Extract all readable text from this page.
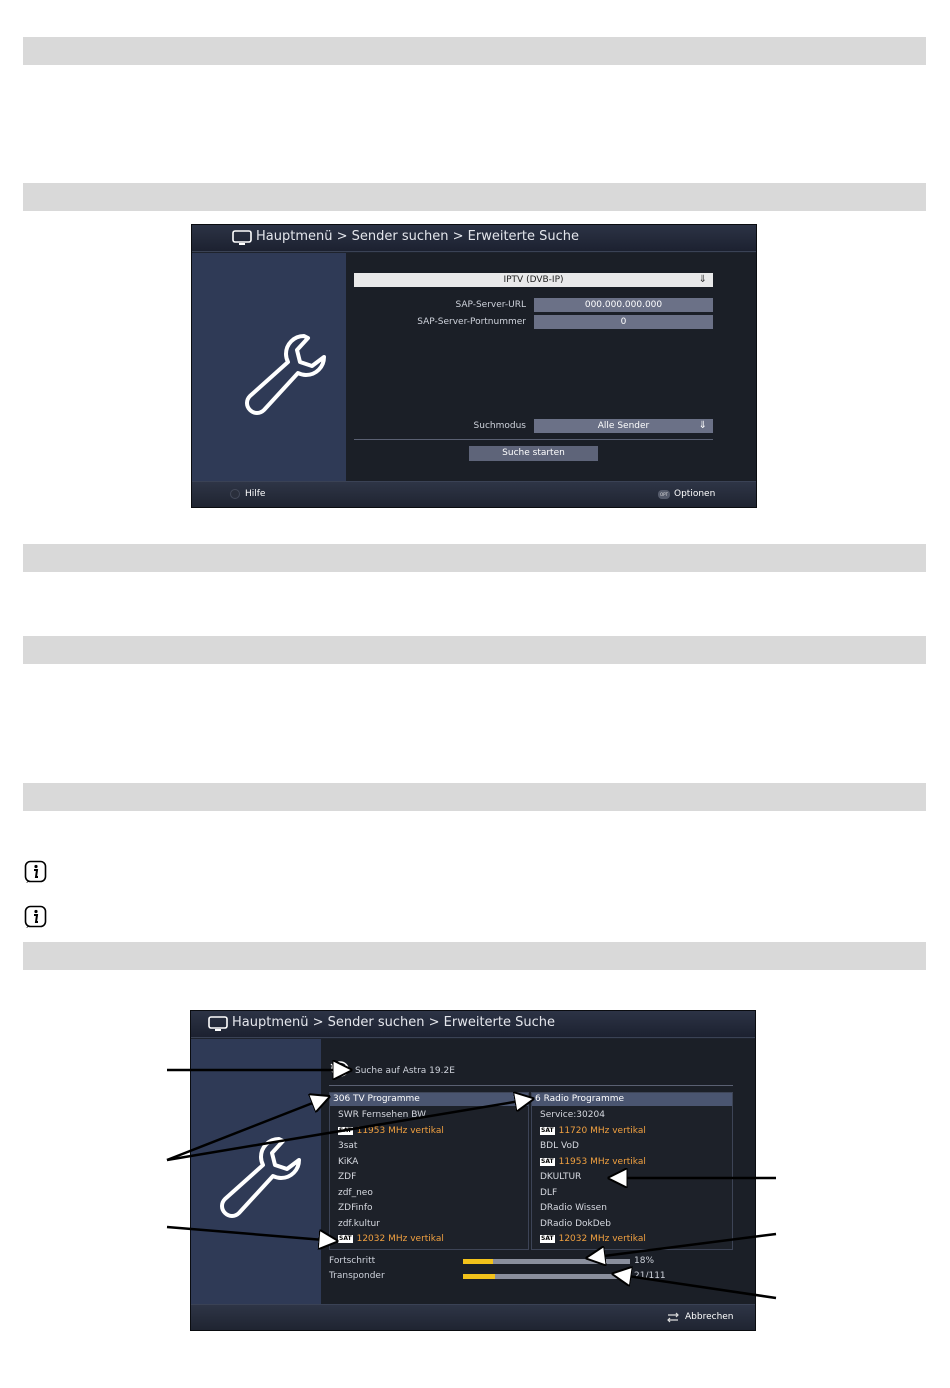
Hauptmenü > Sender suchen > Erweiterte Suche
IPTV (DVB-IP)	⇓
SAP-Server-URL	000.000.000.000
SAP-Server-Portnummer	0
Suchmodus	Alle Sender	⇓
Suche starten
Hilfe	OPT Optionen
Hauptmenü > Sender suchen > Erweiterte Suche
Suche auf Astra 19.2E
306 TV Programme
SWR Fernsehen BW
SAT 11953 MHz vertikal
3sat
KiKA
ZDF
zdf_neo
ZDFinfo
zdf.kultur
SAT 12032 MHz vertikal
6 Radio Programme
Service:30204
SAT 11720 MHz vertikal
BDL VoD
SAT 11953 MHz vertikal
DKULTUR
DLF
DRadio Wissen
DRadio DokDeb
SAT 12032 MHz vertikal
Fortschritt	18%
Transponder	21/111
Abbrechen
